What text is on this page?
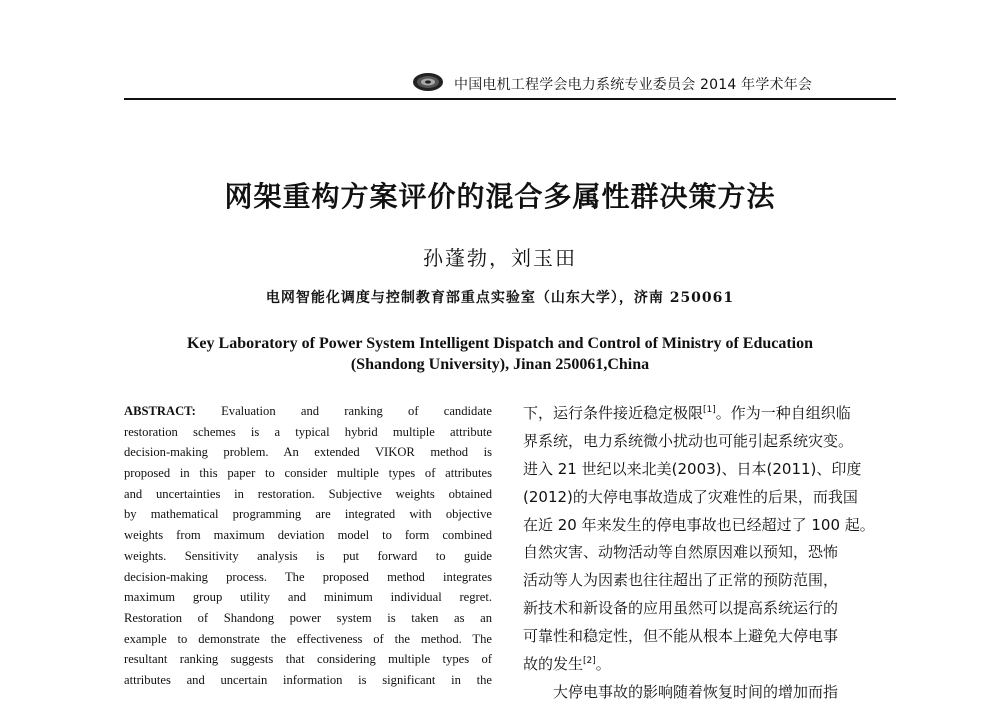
中国电机工程学会电力系统专业委员会 2014 年学术年会
网架重构方案评价的混合多属性群决策方法
孙蓬勃，刘玉田
电网智能化调度与控制教育部重点实验室（山东大学），济南 250061
Key Laboratory of Power System Intelligent Dispatch and Control of Ministry of Education
(Shandong University), Jinan 250061,China
ABSTRACT: Evaluation and ranking of candidate
restoration schemes is a typical hybrid multiple attribute
decision-making problem. An extended VIKOR method is
proposed in this paper to consider multiple types of attributes
and uncertainties in restoration. Subjective weights obtained
by mathematical programming are integrated with objective
weights from maximum deviation model to form combined
weights. Sensitivity analysis is put forward to guide
decision-making process. The proposed method integrates
maximum group utility and minimum individual regret.
Restoration of Shandong power system is taken as an
example to demonstrate the effectiveness of the method. The
resultant ranking suggests that considering multiple types of
attributes and uncertain information is significant in the
下，运行条件接近稳定极限[1]。作为一种自组织临
界系统，电力系统微小扰动也可能引起系统灾变。
进入 21 世纪以来北美(2003)、日本(2011)、印度
(2012)的大停电事故造成了灾难性的后果，而我国
在近 20 年来发生的停电事故也已经超过了 100 起。
自然灾害、动物活动等自然原因难以预知，恐怖
活动等人为因素也往往超出了正常的预防范围，
新技术和新设备的应用虽然可以提高系统运行的
可靠性和稳定性，但不能从根本上避免大停电事
故的发生[2]。
大停电事故的影响随着恢复时间的增加而指
